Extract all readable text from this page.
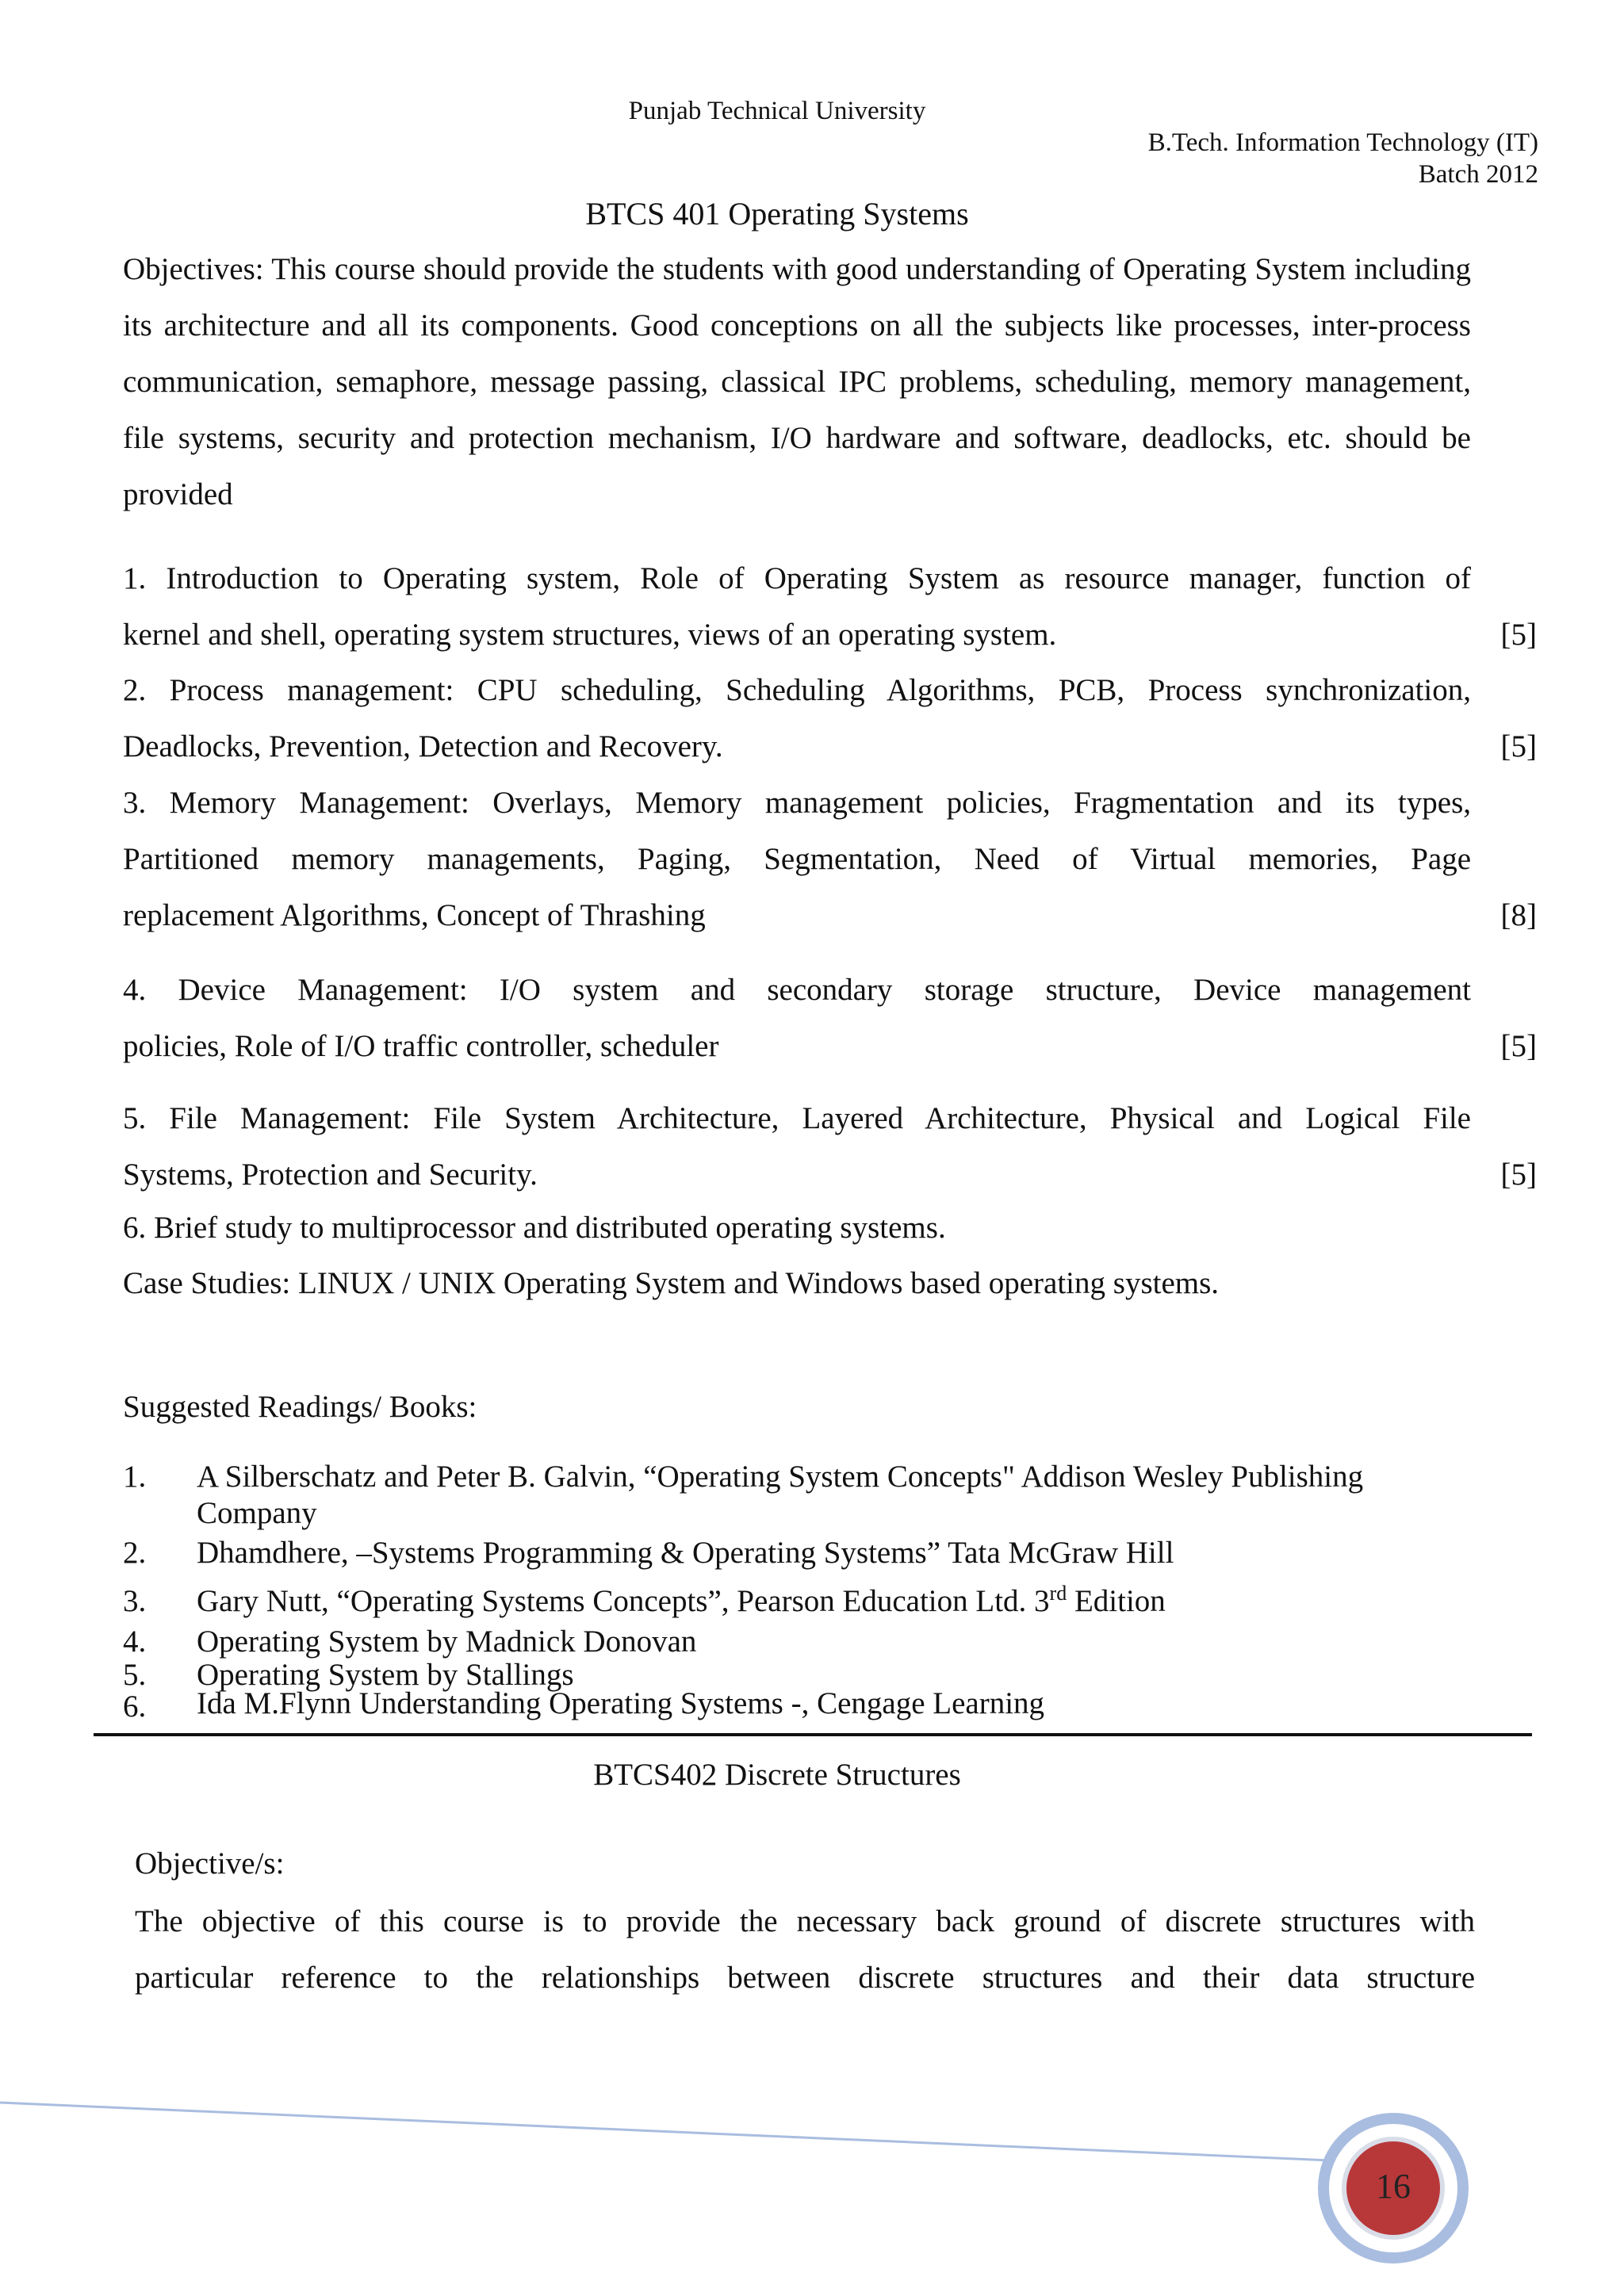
Punjab Technical University
B.Tech. Information Technology (IT)
Batch 2012
BTCS 401 Operating Systems
Objectives: This course should provide the students with good understanding of Operating System including its architecture and all its components. Good conceptions on all the subjects like processes, inter-process communication, semaphore, message passing, classical IPC problems, scheduling, memory management, file systems, security and protection mechanism, I/O hardware and software, deadlocks, etc. should be provided
1. Introduction to Operating system, Role of Operating System as resource manager, function of
kernel and shell, operating system structures, views of an operating system.	[5]
2. Process management: CPU scheduling, Scheduling Algorithms, PCB, Process synchronization,
Deadlocks, Prevention, Detection and Recovery.	[5]
3. Memory Management: Overlays, Memory management policies, Fragmentation and its types,
Partitioned memory managements, Paging, Segmentation, Need of Virtual memories, Page
replacement Algorithms, Concept of Thrashing	[8]
4. Device Management: I/O system and secondary storage structure, Device management
policies, Role of I/O traffic controller, scheduler	[5]
5. File Management: File System Architecture, Layered Architecture, Physical and Logical File
Systems, Protection and Security.	[5]
6. Brief study to multiprocessor and distributed operating systems.
Case Studies: LINUX / UNIX Operating System and Windows based operating systems.
Suggested Readings/ Books:
1. A Silberschatz and Peter B. Galvin, “Operating System Concepts" Addison Wesley Publishing
Company
2. Dhamdhere, –Systems Programming & Operating Systems” Tata McGraw Hill
3. Gary Nutt, “Operating Systems Concepts”, Pearson Education Ltd. 3rd Edition
4. Operating System by Madnick Donovan
5. Operating System by Stallings
6. Ida M.Flynn Understanding Operating Systems -, Cengage Learning
BTCS402 Discrete Structures
Objective/s:
The objective of this course is to provide the necessary back ground of discrete structures with
particular reference to the relationships between discrete structures and their data structure
16
